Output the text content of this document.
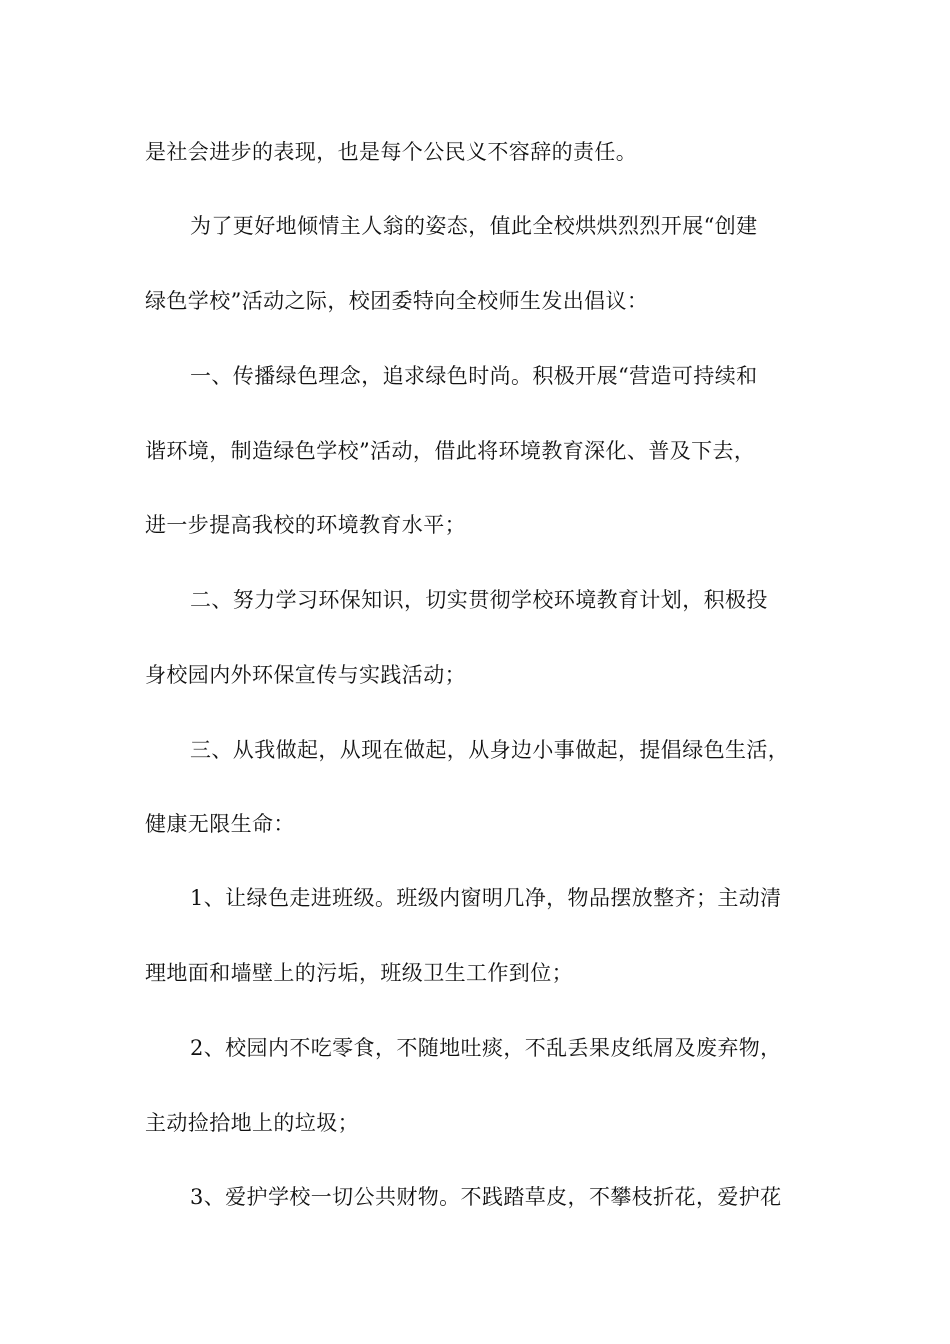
是社会进步的表现，也是每个公民义不容辞的责任。
为了更好地倾情主人翁的姿态，值此全校烘烘烈烈开展“创建
绿色学校”活动之际，校团委特向全校师生发出倡议：
一、传播绿色理念，追求绿色时尚。积极开展“营造可持续和
谐环境，制造绿色学校”活动，借此将环境教育深化、普及下去，
进一步提高我校的环境教育水平；
二、努力学习环保知识，切实贯彻学校环境教育计划，积极投
身校园内外环保宣传与实践活动；
三、从我做起，从现在做起，从身边小事做起，提倡绿色生活，
健康无限生命：
1、让绿色走进班级。班级内窗明几净，物品摆放整齐；主动清
理地面和墙壁上的污垢，班级卫生工作到位；
2、校园内不吃零食，不随地吐痰，不乱丢果皮纸屑及废弃物，
主动捡拾地上的垃圾；
3、爱护学校一切公共财物。不践踏草皮，不攀枝折花，爱护花
